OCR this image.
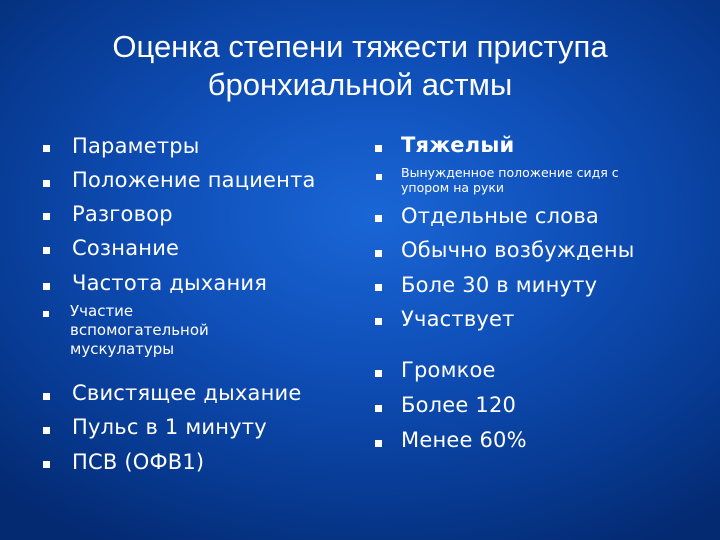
Оценка степени тяжести приступа
бронхиальной астмы
Параметры
Положение пациента
Разговор
Сознание
Частота дыхания
Участие
вспомогательной
мускулатуры
Свистящее дыхание
Пульс в 1 минуту
ПСВ (ОФВ1)
Тяжелый
Вынужденное положение сидя с
упором на руки
Отдельные слова
Обычно возбуждены
Боле 30 в минуту
Участвует
Громкое
Более 120
Менее 60%
